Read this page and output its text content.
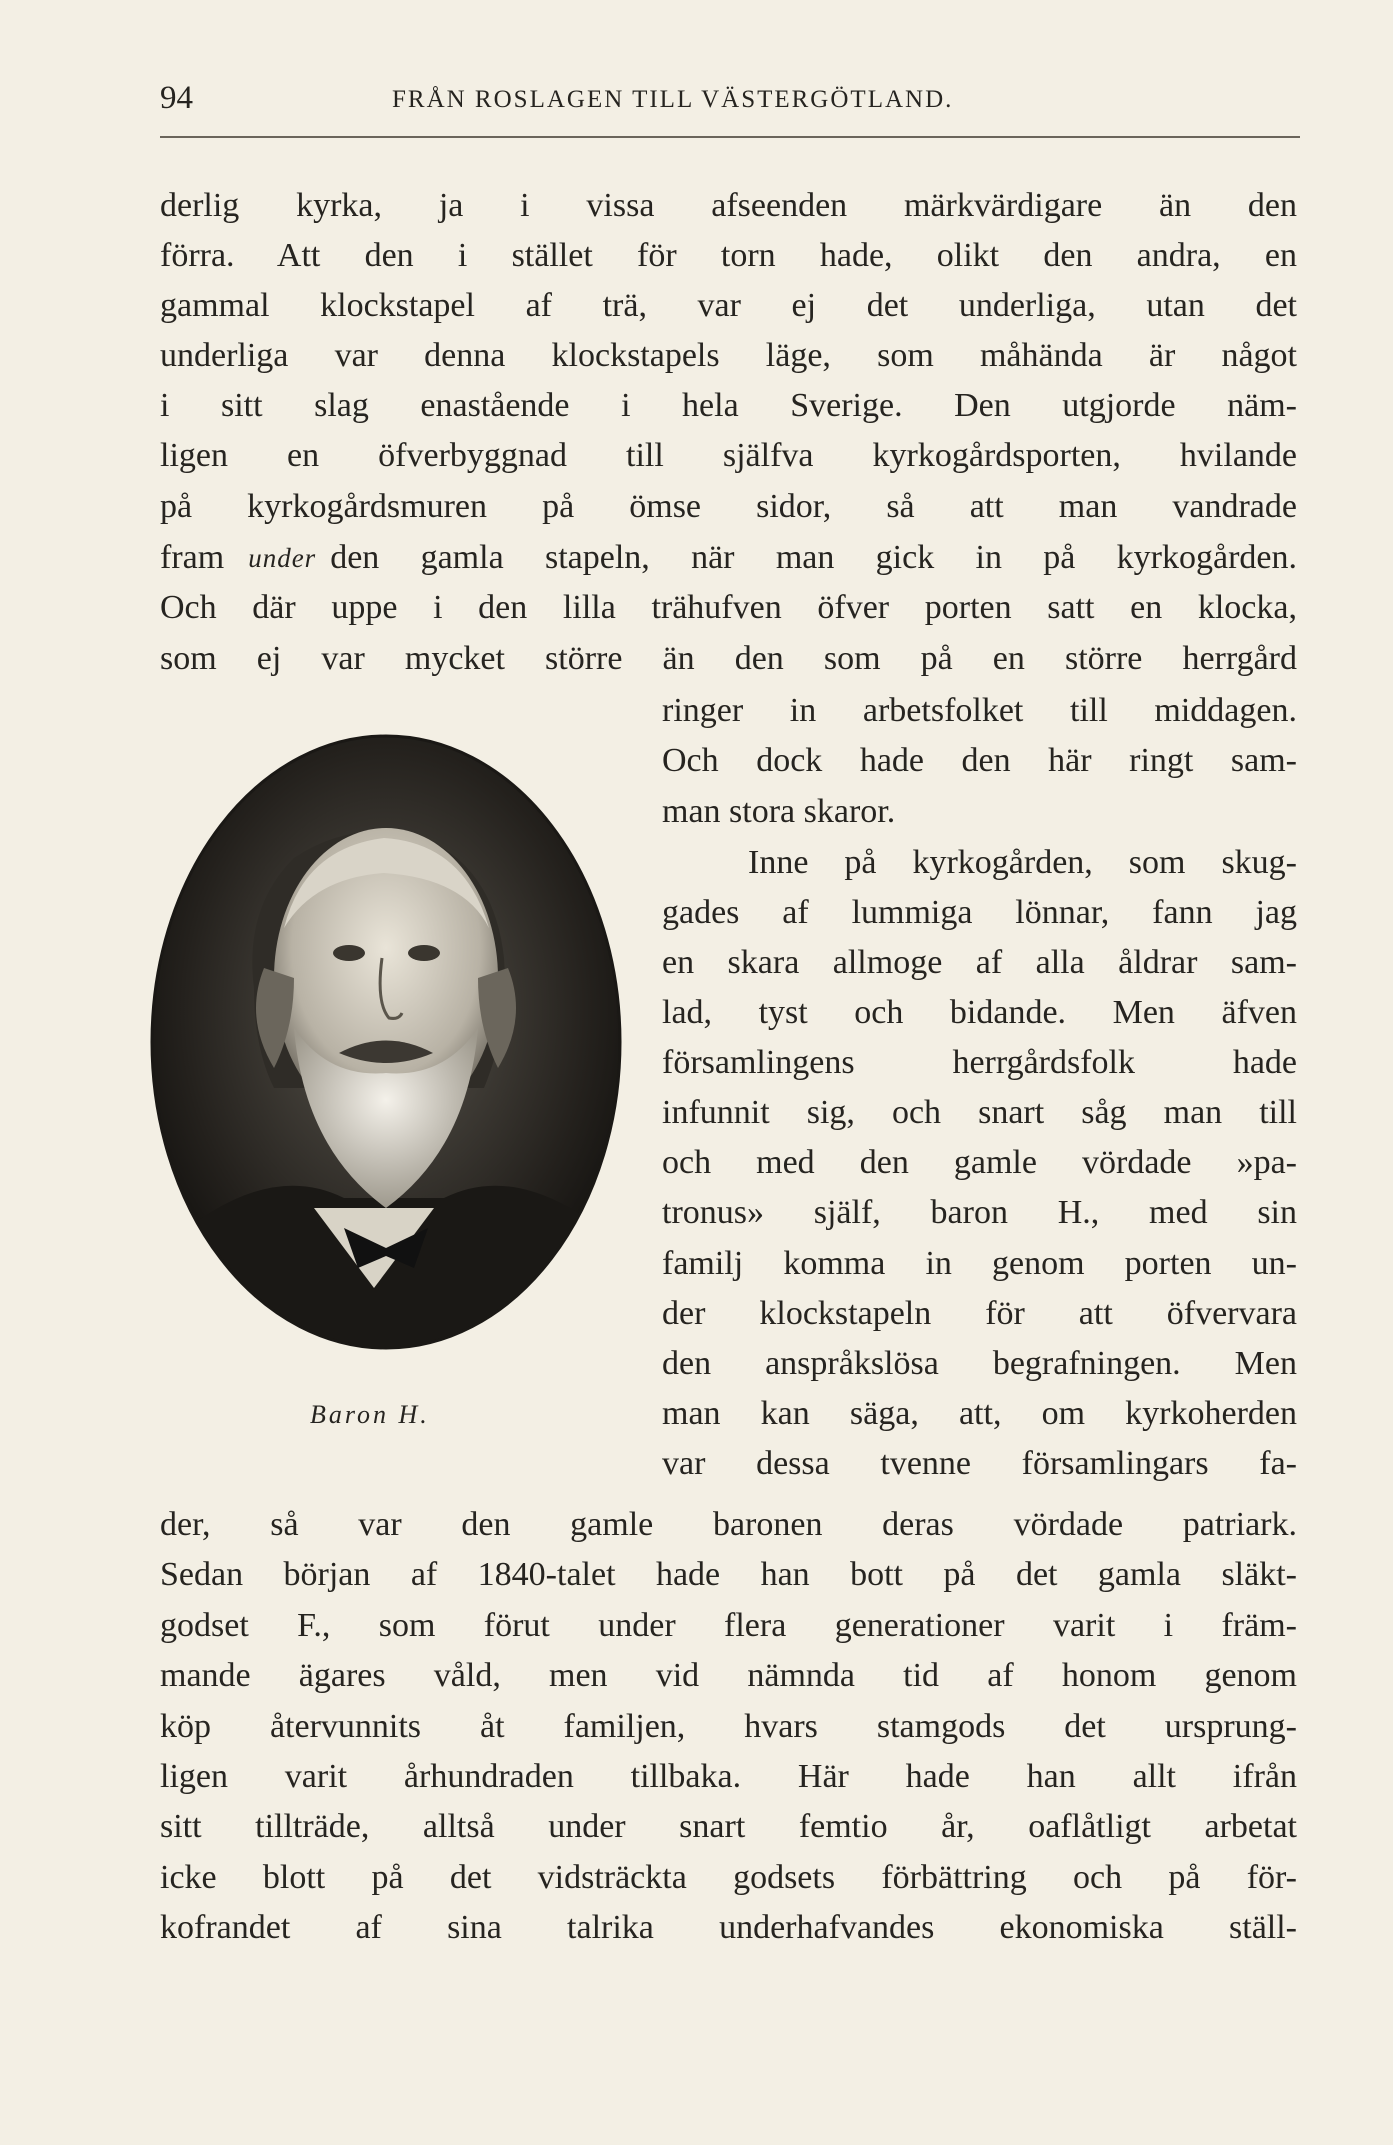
94	FRÅN ROSLAGEN TILL VÄSTERGÖTLAND.
derlig kyrka, ja i vissa afseenden märkvärdigare än den
förra. Att den i stället för torn hade, olikt den andra, en
gammal klockstapel af trä, var ej det underliga, utan det
underliga var denna klockstapels läge, som måhända är något
i sitt slag enastående i hela Sverige. Den utgjorde näm-
ligen en öfverbyggnad till själfva kyrkogårdsporten, hvilande
på kyrkogårdsmuren på ömse sidor, så att man vandrade
fram under den gamla stapeln, när man gick in på kyrkogården.
Och där uppe i den lilla trähufven öfver porten satt en klocka,
som ej var mycket större än den som på en större herrgård
ringer in arbetsfolket till middagen.
Och dock hade den här ringt sam-
man stora skaror.
Inne på kyrkogården, som skug-
gades af lummiga lönnar, fann jag
en skara allmoge af alla åldrar sam-
lad, tyst och bidande. Men äfven
församlingens herrgårdsfolk hade
infunnit sig, och snart såg man till
och med den gamle vördade »pa-
tronus» själf, baron H., med sin
familj komma in genom porten un-
der klockstapeln för att öfvervara
den anspråkslösa begrafningen. Men
man kan säga, att, om kyrkoherden
var dessa tvenne församlingars fa-
der, så var den gamle baronen deras vördade patriark.
Sedan början af 1840-talet hade han bott på det gamla släkt-
godset F., som förut under flera generationer varit i främ-
mande ägares våld, men vid nämnda tid af honom genom
köp återvunnits åt familjen, hvars stamgods det ursprung-
ligen varit århundraden tillbaka. Här hade han allt ifrån
sitt tillträde, alltså under snart femtio år, oaflåtligt arbetat
icke blott på det vidsträckta godsets förbättring och på för-
kofrandet af sina talrika underhafvandes ekonomiska ställ-
Baron H.
